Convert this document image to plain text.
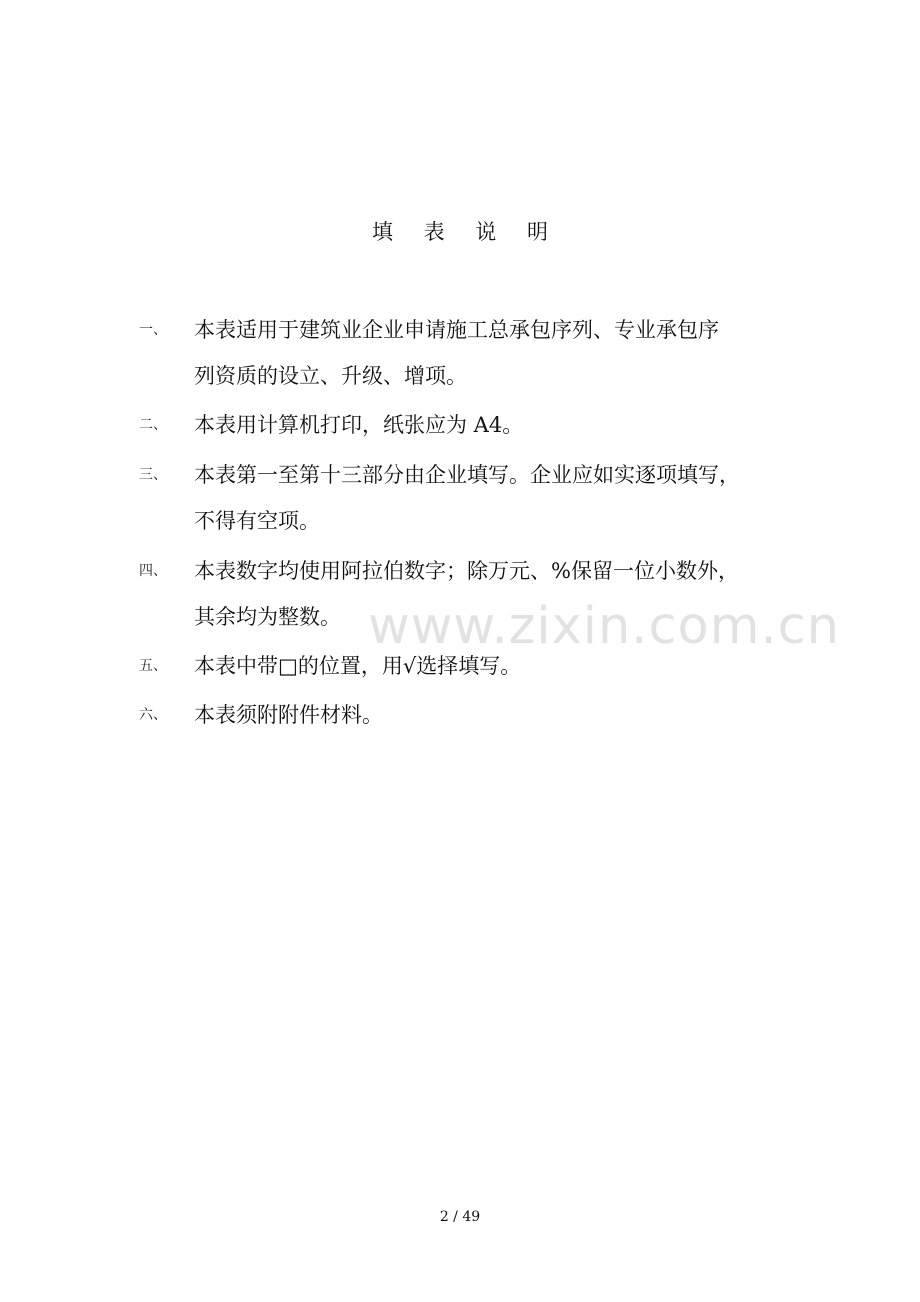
填 表 说 明
一、 本表适用于建筑业企业申请施工总承包序列、专业承包序
列资质的设立、升级、增项。
二、 本表用计算机打印，纸张应为 A4。
三、 本表第一至第十三部分由企业填写。企业应如实逐项填写，
不得有空项。
四、 本表数字均使用阿拉伯数字；除万元、%保留一位小数外，
其余均为整数。
五、 本表中带□的位置，用√选择填写。
六、 本表须附附件材料。
www.zixin.com.cn
2 / 49
